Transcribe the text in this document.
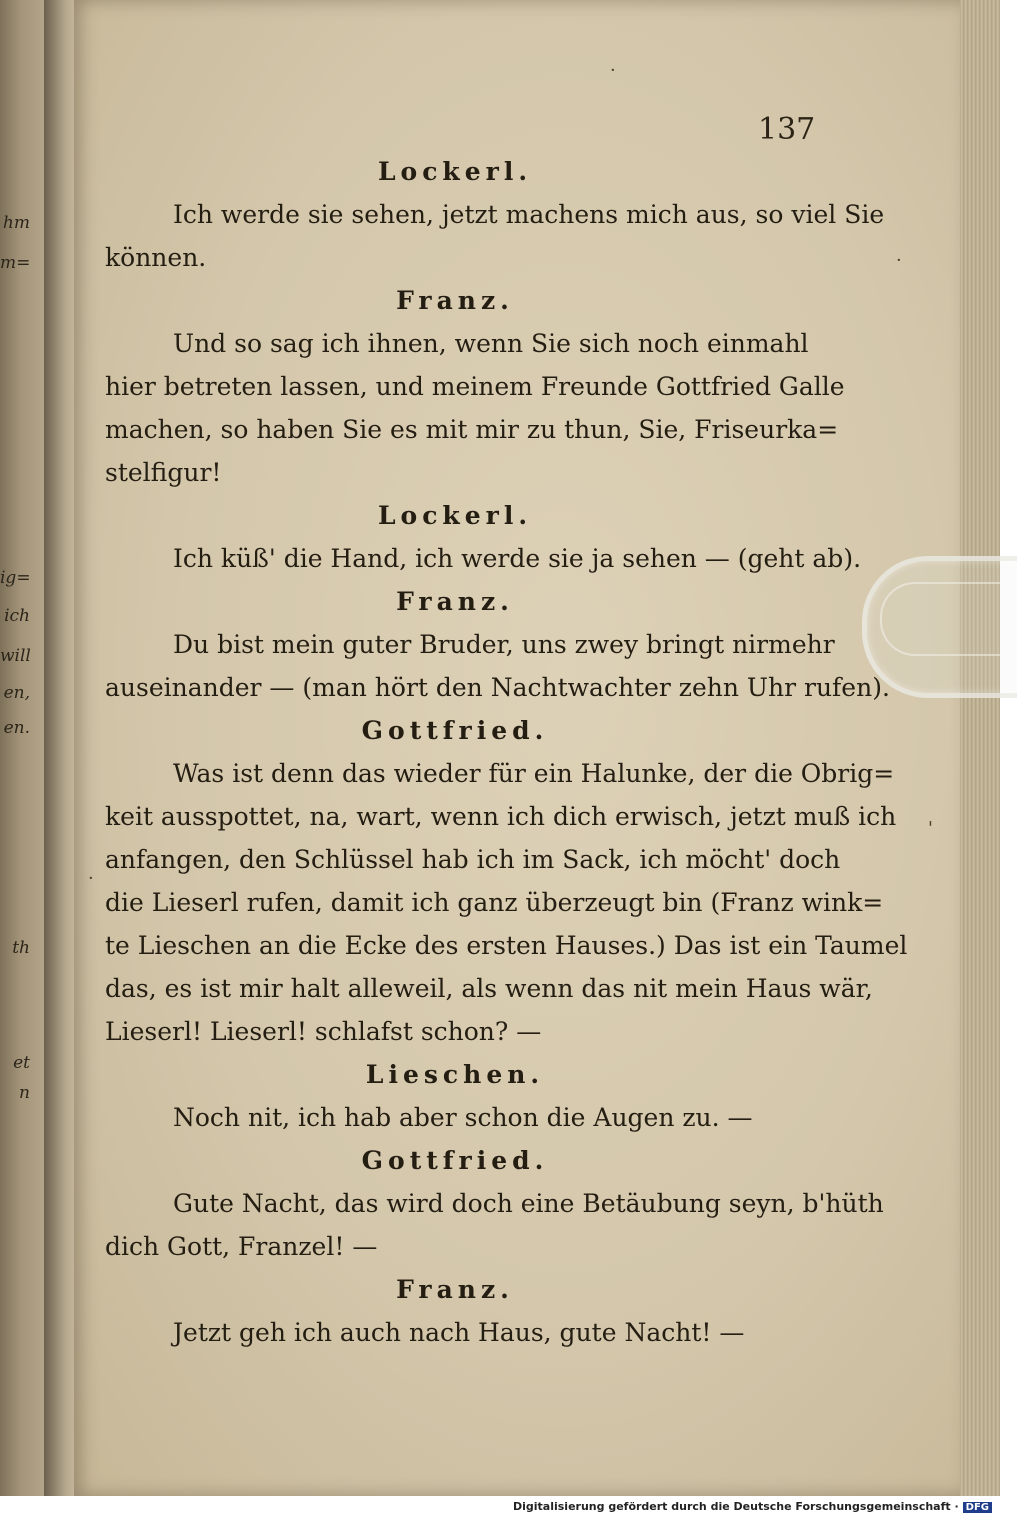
hm
m=
ig=
ich
will
en,
en.
th
et
n
137
Lockerl.
Ich werde sie sehen, jetzt machens mich aus, so viel Sie
können.
Franz.
Und so sag ich ihnen, wenn Sie sich noch einmahl
hier betreten lassen, und meinem Freunde Gottfried Galle
machen, so haben Sie es mit mir zu thun, Sie, Friseurka=
stelfigur!
Lockerl.
Ich küß' die Hand, ich werde sie ja sehen — (geht ab).
Franz.
Du bist mein guter Bruder, uns zwey bringt nirmehr
auseinander — (man hört den Nachtwachter zehn Uhr rufen).
Gottfried.
Was ist denn das wieder für ein Halunke, der die Obrig=
keit ausspottet, na, wart, wenn ich dich erwisch, jetzt muß ich
anfangen, den Schlüssel hab ich im Sack, ich möcht' doch
die Lieserl rufen, damit ich ganz überzeugt bin (Franz wink=
te Lieschen an die Ecke des ersten Hauses.) Das ist ein Taumel
das, es ist mir halt alleweil, als wenn das nit mein Haus wär,
Lieserl! Lieserl! schlafst schon? —
Lieschen.
Noch nit, ich hab aber schon die Augen zu. —
Gottfried.
Gute Nacht, das wird doch eine Betäubung seyn, b'hüth
dich Gott, Franzel! —
Franz.
Jetzt geh ich auch nach Haus, gute Nacht! —
·
·
'
·
Digitalisierung gefördert durch die Deutsche Forschungsgemeinschaft · DFG
